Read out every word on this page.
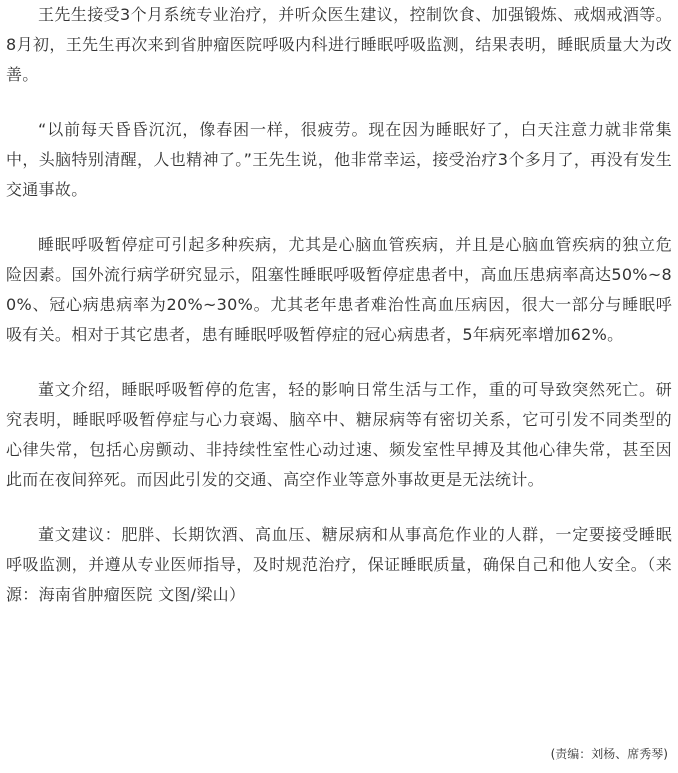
王先生接受3个月系统专业治疗，并听众医生建议，控制饮食、加强锻炼、戒烟戒酒等。8月初，王先生再次来到省肿瘤医院呼吸内科进行睡眠呼吸监测，结果表明，睡眠质量大为改善。

“以前每天昏昏沉沉，像春困一样，很疲劳。现在因为睡眠好了，白天注意力就非常集中，头脑特别清醒，人也精神了。”王先生说，他非常幸运，接受治疗3个多月了，再没有发生交通事故。

睡眠呼吸暂停症可引起多种疾病，尤其是心脑血管疾病，并且是心脑血管疾病的独立危险因素。国外流行病学研究显示，阻塞性睡眠呼吸暂停症患者中，高血压患病率高达50%~80%、冠心病患病率为20%~30%。尤其老年患者难治性高血压病因，很大一部分与睡眠呼吸有关。相对于其它患者，患有睡眠呼吸暂停症的冠心病患者，5年病死率增加62%。

董文介绍，睡眠呼吸暂停的危害，轻的影响日常生活与工作，重的可导致突然死亡。研究表明，睡眠呼吸暂停症与心力衰竭、脑卒中、糖尿病等有密切关系，它可引发不同类型的心律失常，包括心房颤动、非持续性室性心动过速、频发室性早搏及其他心律失常，甚至因此而在夜间猝死。而因此引发的交通、高空作业等意外事故更是无法统计。

董文建议：肥胖、长期饮酒、高血压、糖尿病和从事高危作业的人群，一定要接受睡眠呼吸监测，并遵从专业医师指导，及时规范治疗，保证睡眠质量，确保自己和他人安全。（来源：海南省肿瘤医院 文图/梁山）

(责编：刘杨、席秀琴)
